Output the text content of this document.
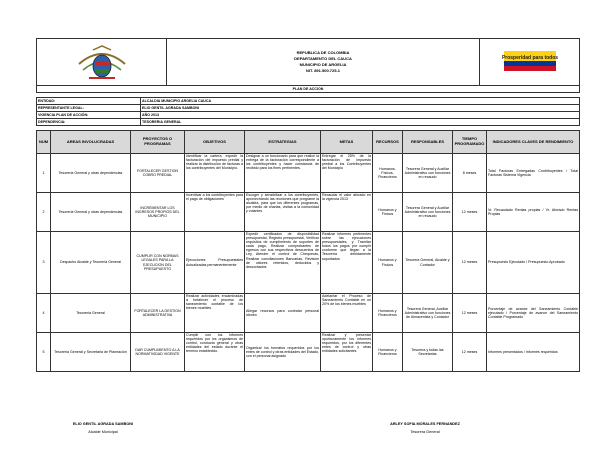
REPUBLICA DE COLOMBIA
DEPARTAMENTO DEL CAUCA
MUNICIPIO DE ARGELIA
NIT. 891.500.725-1

Prosperidad para todos

PLAN DE ACCION
ENTIDAD:	ALCALDIA MUNICIPIO ARGELIA CAUCA
REPRESENTANTE LEGAL:	ELIO GENTIL AGRADA SAMBONI
VIGENCIA PLAN DE ACCIÓN:	AÑO 2013
DEPENDENCIA:	TESORERIA GENERAL
NUM	AREAS INVOLUCRADAS	PROYECTOS O PROGRAMAS	OBJETIVOS	ESTRATEGIAS	METAS	RECURSOS	RESPONSABLES	TIEMPO PROGRAMADO	INDICADORES CLAVES DE RENDIMIENTO
1	Tesoreria General y otras dependencias	FORTALECER GESTION COBRO PREDIAL	Identificar la cartera, expedir la facturación del impuesto predial y realizar la distribución de facturas a los contribuyentes del Municipio.	Designar a un funcionario para que realice la entrega de la facturación correspondiente a los contribuyentes y hacer constancia de recibido para los fines pertinentes.	Entregar el 25% de la facturación de impuesto predial a los Contribuyentes del Municipio	Humanos, Físicos, Financieros	Tesorera General y Auxiliar Administrativo con funciones en recaudo	8 meses	Total Facturas Entregadas Contribuyentes / Total Facturas Sistema Vigencia
2	Tesoreria General y otras dependencias	INCREMENTAR LOS INGRESOS PROPIOS DEL MUNICIPIO	Incentivar a los contribuyentes para el pago de obligaciones	Escoger y sensibilizar a los contribuyentes, aprovechando las reuniones que programe la alcaldía, para que los diferentes programas, por medio de charlas, visitas a la comunidad y volantes	Recaudar el valor aforado en la vigencia 2013	Humanos y Físicos	Tesorera General y Auxiliar Administrativo con funciones en recaudo	12 meses	Vr. Recaudado Rentas propias / Vr. Aforado Rentas Propias
3	Despacho Alcalde y Tesoreria General	CUMPLIR CON NORMAS LEGALES PARA LA EJECUCION DEL PRESUPUESTO	Ejecuciones Presupuestales Actualizadas permanentemente	Expedir certificados de disponibilidad presupuestal, Registro presupuestal, Verificar requisitos de cumplimiento de soportes de cada pago, Realizar comprobantes de egresos con sus respectivos descuentos de Ley, Atender el control de Chequeras, Realizar conciliaciones Bancarias, Revisión de valores retenidos, deducidos y descontados	Realizar informes pertinentes sobre las ejecuciones presupuestales, y Tramitar todos los pagos por cumplir conforme que llegan a la Tesorería debidamente soportados	Humanos y Físicos	Tesorera General, Alcalde y Contador	12 meses	Presupuesto Ejecutado / Presupuesto Aprobado
4	Tesoreria General	FORTALECER LA GESTION ADMINISTRATIVA	Realizar actividades encaminadas a fortalecer el proceso de saneamiento contable de los bienes muebles	Allegar recursos para contratar personal idóneo	Adelantar el Proceso de Saneamiento Contable en un 20% de los bienes muebles	Humanos y Financieros	Tesorera General, Auxiliar Administrativo con funciones de Almacenista y Contador	12 meses	Porcentaje de avance del Saneamiento Contable ejecutado / Porcentaje de avance del Saneamiento Contable Programado
5	Tesoreria General y Secretaria de Planeación	DAR CUMPLIMIENTO A LA NORMATIVIDAD VIGENTE	Cumplir con los informes requeridos por los organismos de control, conducta general y otras entidades del estado durante el termino establecido.	Organizar los formatos requeridos por los entes de control y otras entidades del Estado, con el personal asignado	Realizar y presentar oportunamente los informes requeridos, por los diferentes entes de control y otras entidades solicitantes	Humanos y Financieros	Tesorera y todas las Secretarias	12 meses	Informes presentados / Informes requeridos
ELIO GENTIL AGRADA SAMBONI
Alcalde Municipal
ARLEY SOFIA MORALES FERNANDEZ
Tesorera General
